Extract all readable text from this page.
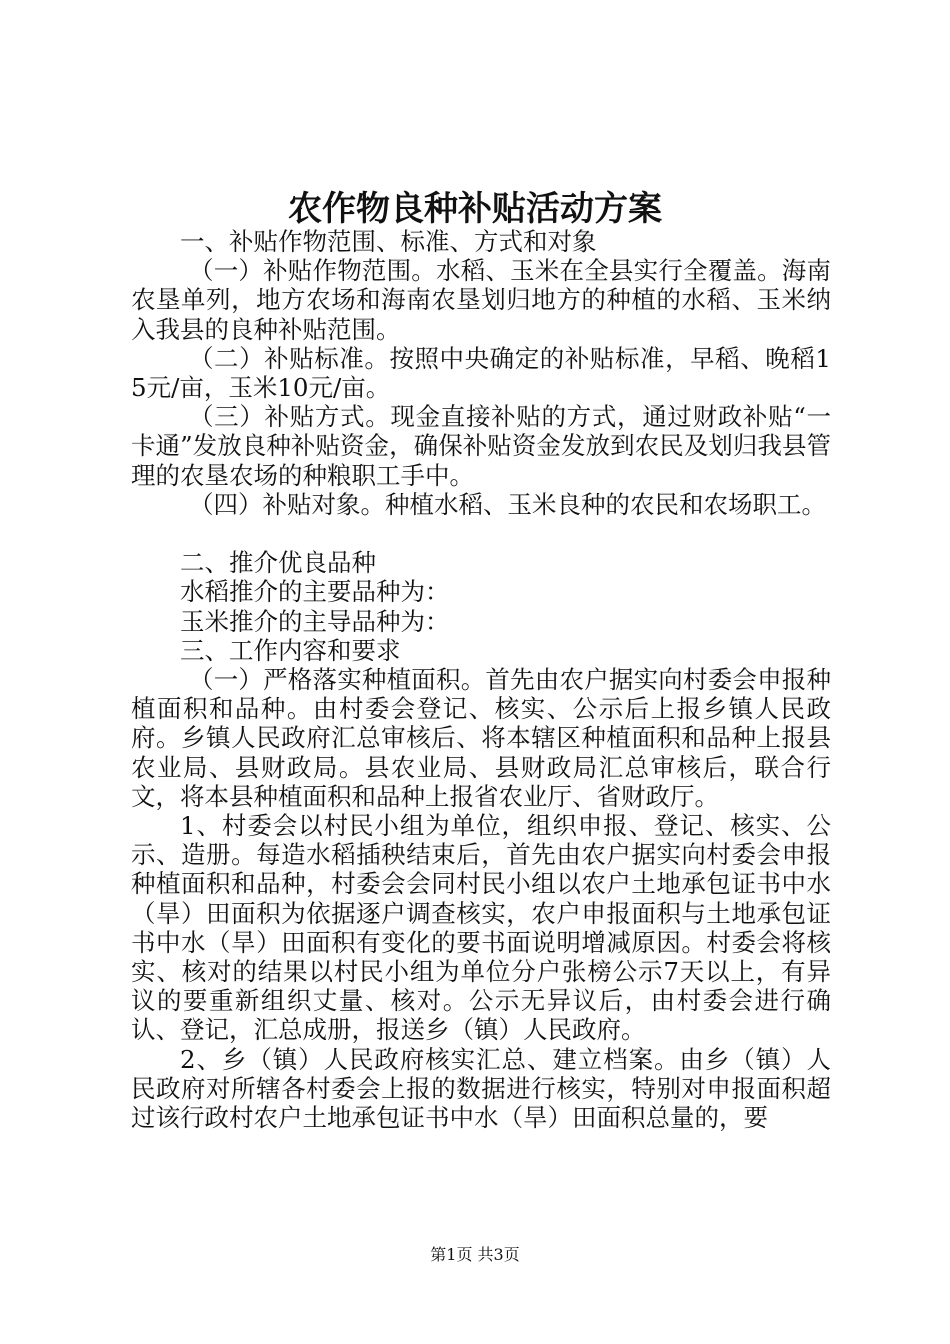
农作物良种补贴活动方案

一、补贴作物范围、标准、方式和对象

（一）补贴作物范围。水稻、玉米在全县实行全覆盖。海南农垦单列，地方农场和海南农垦划归地方的种植的水稻、玉米纳入我县的良种补贴范围。

（二）补贴标准。按照中央确定的补贴标准，早稻、晚稻15元/亩，玉米10元/亩。

（三）补贴方式。现金直接补贴的方式，通过财政补贴“一卡通”发放良种补贴资金，确保补贴资金发放到农民及划归我县管理的农垦农场的种粮职工手中。

（四）补贴对象。种植水稻、玉米良种的农民和农场职工。

二、推介优良品种

水稻推介的主要品种为：

玉米推介的主导品种为：

三、工作内容和要求

（一）严格落实种植面积。首先由农户据实向村委会申报种植面积和品种。由村委会登记、核实、公示后上报乡镇人民政府。乡镇人民政府汇总审核后、将本辖区种植面积和品种上报县农业局、县财政局。县农业局、县财政局汇总审核后，联合行文，将本县种植面积和品种上报省农业厅、省财政厅。

1、村委会以村民小组为单位，组织申报、登记、核实、公示、造册。每造水稻插秧结束后，首先由农户据实向村委会申报种植面积和品种，村委会会同村民小组以农户土地承包证书中水（旱）田面积为依据逐户调查核实，农户申报面积与土地承包证书中水（旱）田面积有变化的要书面说明增减原因。村委会将核实、核对的结果以村民小组为单位分户张榜公示7天以上，有异议的要重新组织丈量、核对。公示无异议后，由村委会进行确认、登记，汇总成册，报送乡（镇）人民政府。

2、乡（镇）人民政府核实汇总、建立档案。由乡（镇）人民政府对所辖各村委会上报的数据进行核实，特别对申报面积超过该行政村农户土地承包证书中水（旱）田面积总量的，要

第1页 共3页
